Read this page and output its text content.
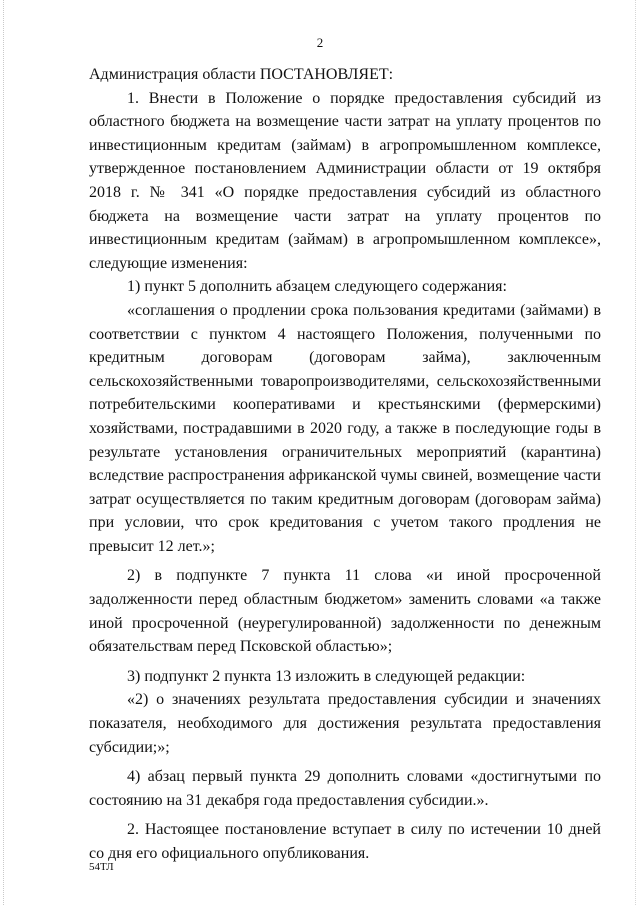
2

Администрация области ПОСТАНОВЛЯЕТ:

1. Внести в Положение о порядке предоставления субсидий из областного бюджета на возмещение части затрат на уплату процентов по инвестиционным кредитам (займам) в агропромышленном комплексе, утвержденное постановлением Администрации области от 19 октября 2018 г. № 341 «О порядке предоставления субсидий из областного бюджета на возмещение части затрат на уплату процентов по инвестиционным кредитам (займам) в агропромышленном комплексе», следующие изменения:

1) пункт 5 дополнить абзацем следующего содержания:

«соглашения о продлении срока пользования кредитами (займами) в соответствии с пунктом 4 настоящего Положения, полученными по кредитным договорам (договорам займа), заключенным сельскохозяйственными товаропроизводителями, сельскохозяйственными потребительскими кооперативами и крестьянскими (фермерскими) хозяйствами, пострадавшими в 2020 году, а также в последующие годы в результате установления ограничительных мероприятий (карантина) вследствие распространения африканской чумы свиней, возмещение части затрат осуществляется по таким кредитным договорам (договорам займа) при условии, что срок кредитования с учетом такого продления не превысит 12 лет.»;

2) в подпункте 7 пункта 11 слова «и иной просроченной задолженности перед областным бюджетом» заменить словами «а также иной просроченной (неурегулированной) задолженности по денежным обязательствам перед Псковской областью»;

3) подпункт 2 пункта 13 изложить в следующей редакции:

«2) о значениях результата предоставления субсидии и значениях показателя, необходимого для достижения результата предоставления субсидии;»;

4) абзац первый пункта 29 дополнить словами «достигнутыми по состоянию на 31 декабря года предоставления субсидии.».

2. Настоящее постановление вступает в силу по истечении 10 дней со дня его официального опубликования.

54ТЛ
